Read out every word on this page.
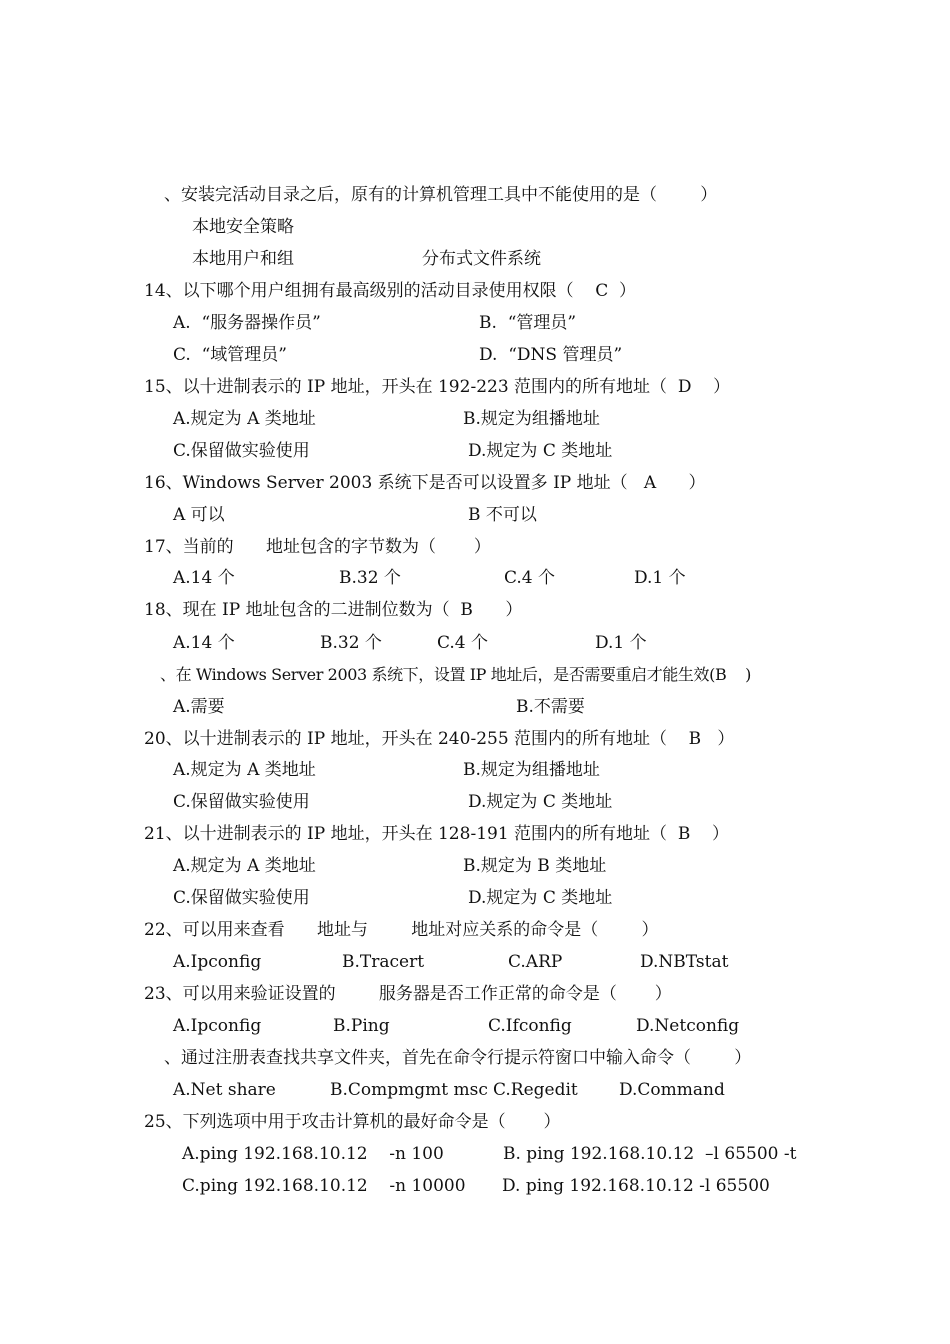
、安装完活动目录之后，原有的计算机管理工具中不能使用的是（        ）

本地安全策略

本地用户和组	分布式文件系统

14、以下哪个用户组拥有最高级别的活动目录使用权限（    C  ）

A.  “服务器操作员”	B.  “管理员”

C.  “域管理员”	D.  “DNS 管理员”

15、以十进制表示的 IP 地址，开头在 192-223 范围内的所有地址（  D    ）

A.规定为 A 类地址	B.规定为组播地址

C.保留做实验使用	D.规定为 C 类地址

16、Windows Server 2003 系统下是否可以设置多 IP 地址（   A      ）

A 可以	B 不可以

17、当前的      地址包含的字节数为（       ）

A.14 个	B.32 个	C.4 个	D.1 个

18、现在 IP 地址包含的二进制位数为（  B      ）

A.14 个	B.32 个	C.4 个	D.1 个

、在 Windows Server 2003 系统下，设置 IP 地址后，是否需要重启才能生效(B    )

A.需要	B.不需要

20、以十进制表示的 IP 地址，开头在 240-255 范围内的所有地址（    B   ）

A.规定为 A 类地址	B.规定为组播地址

C.保留做实验使用	D.规定为 C 类地址

21、以十进制表示的 IP 地址，开头在 128-191 范围内的所有地址（  B    ）

A.规定为 A 类地址	B.规定为 B 类地址

C.保留做实验使用	D.规定为 C 类地址

22、可以用来查看      地址与        地址对应关系的命令是（        ）

A.Ipconfig	B.Tracert	C.ARP	D.NBTstat

23、可以用来验证设置的        服务器是否工作正常的命令是（       ）

A.Ipconfig	B.Ping	C.Ifconfig	D.Netconfig

、通过注册表查找共享文件夹，首先在命令行提示符窗口中输入命令（        ）

A.Net share	B.Compmgmt msc C.Regedit D.Command

25、下列选项中用于攻击计算机的最好命令是（       ）

A.ping 192.168.10.12    -n 100	B. ping 192.168.10.12  –l 65500 -t

C.ping 192.168.10.12    -n 10000 D. ping 192.168.10.12 -l 65500
